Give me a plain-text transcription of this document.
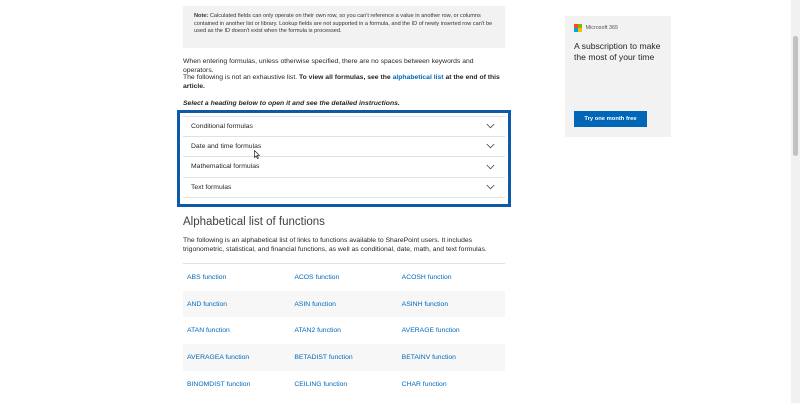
Note: Calculated fields can only operate on their own row, so you can't reference a value in another row, or columns contained in another list or library. Lookup fields are not supported in a formula, and the ID of newly inserted row can't be used as the ID doesn't exist when the formula is processed.

When entering formulas, unless otherwise specified, there are no spaces between keywords and operators.

The following is not an exhaustive list. To view all formulas, see the alphabetical list at the end of this article.

Select a heading below to open it and see the detailed instructions.

Conditional formulas
Date and time formulas
Mathematical formulas
Text formulas
Alphabetical list of functions

The following is an alphabetical list of links to functions available to SharePoint users. It includes trigonometric, statistical, and financial functions, as well as conditional, date, math, and text formulas.

ABS function	ACOS function	ACOSH function
AND function	ASIN function	ASINH function
ATAN function	ATAN2 function	AVERAGE function
AVERAGEA function	BETADIST function	BETAINV function
BINOMDIST function	CEILING function	CHAR function
Microsoft 365
A subscription to make the most of your time
Try one month free
